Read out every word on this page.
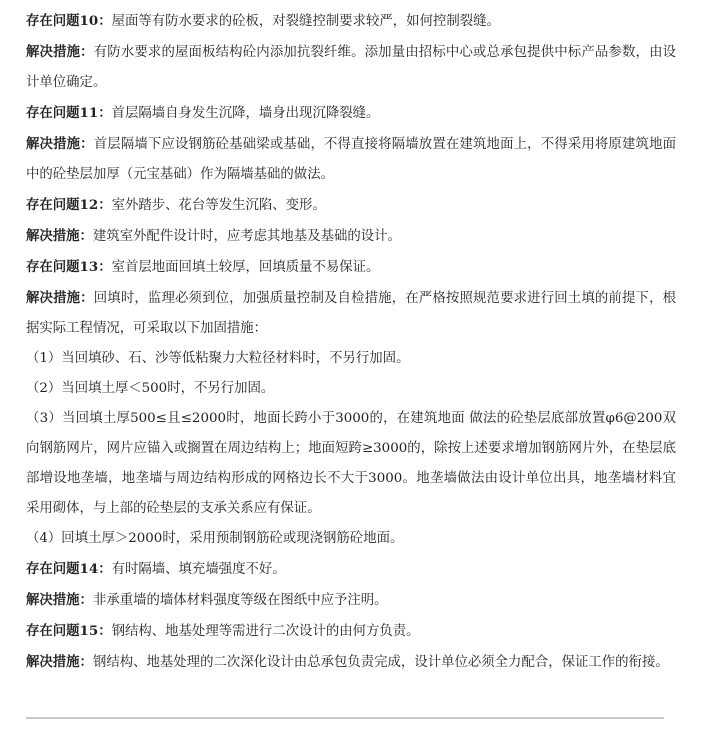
存在问题10：屋面等有防水要求的砼板，对裂缝控制要求较严，如何控制裂缝。

解决措施：有防水要求的屋面板结构砼内添加抗裂纤维。添加量由招标中心或总承包提供中标产品参数，由设计单位确定。

存在问题11：首层隔墙自身发生沉降，墙身出现沉降裂缝。

解决措施：首层隔墙下应设钢筋砼基础梁或基础，不得直接将隔墙放置在建筑地面上，不得采用将原建筑地面中的砼垫层加厚（元宝基础）作为隔墙基础的做法。

存在问题12：室外踏步、花台等发生沉陷、变形。

解决措施：建筑室外配件设计时，应考虑其地基及基础的设计。

存在问题13：室首层地面回填土较厚，回填质量不易保证。

解决措施：回填时，监理必须到位，加强质量控制及自检措施，在严格按照规范要求进行回土填的前提下，根据实际工程情况，可采取以下加固措施：

（1）当回填砂、石、沙等低粘聚力大粒径材料时，不另行加固。

（2）当回填土厚＜500时，不另行加固。

（3）当回填土厚500≤且≤2000时，地面长跨小于3000的，在建筑地面 做法的砼垫层底部放置φ6@200双向钢筋网片，网片应锚入或搁置在周边结构上；地面短跨≥3000的，除按上述要求增加钢筋网片外，在垫层底部增设地垄墙，地垄墙与周边结构形成的网格边长不大于3000。地垄墙做法由设计单位出具，地垄墙材料宜采用砌体，与上部的砼垫层的支承关系应有保证。

（4）回填土厚＞2000时，采用预制钢筋砼或现浇钢筋砼地面。

存在问题14：有时隔墙、填充墙强度不好。

解决措施：非承重墙的墙体材料强度等级在图纸中应予注明。

存在问题15：钢结构、地基处理等需进行二次设计的由何方负责。

解决措施：钢结构、地基处理的二次深化设计由总承包负责完成，设计单位必须全力配合，保证工作的衔接。
